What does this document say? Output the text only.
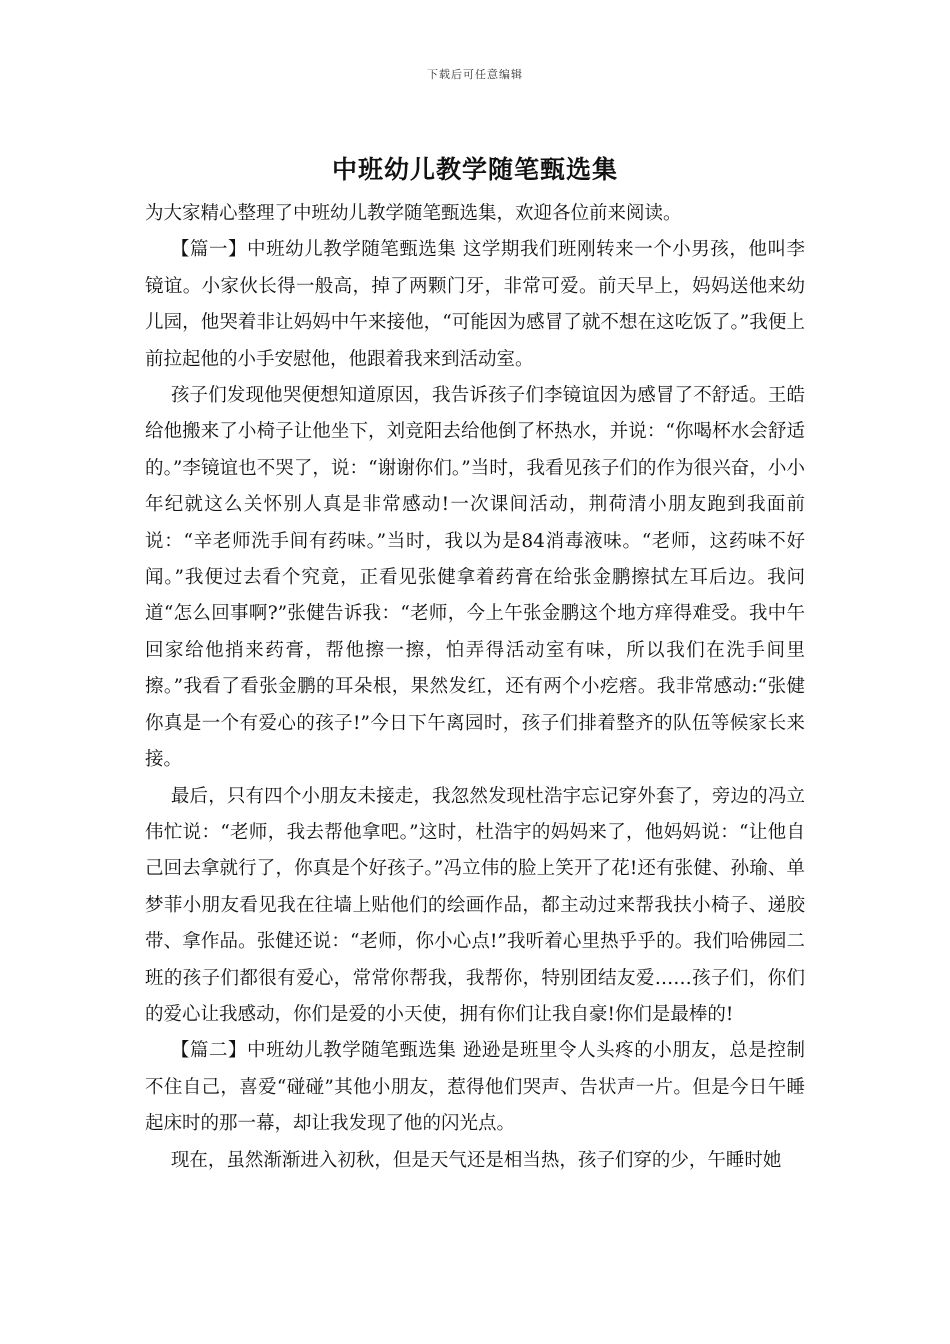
下载后可任意编辑
中班幼儿教学随笔甄选集

为大家精心整理了中班幼儿教学随笔甄选集，欢迎各位前来阅读。

【篇一】中班幼儿教学随笔甄选集 这学期我们班刚转来一个小男孩，他叫李镜谊。小家伙长得一般高，掉了两颗门牙，非常可爱。前天早上，妈妈送他来幼儿园，他哭着非让妈妈中午来接他，“可能因为感冒了就不想在这吃饭了。”我便上前拉起他的小手安慰他，他跟着我来到活动室。

孩子们发现他哭便想知道原因，我告诉孩子们李镜谊因为感冒了不舒适。王皓给他搬来了小椅子让他坐下，刘竞阳去给他倒了杯热水，并说：“你喝杯水会舒适的。”李镜谊也不哭了，说：“谢谢你们。”当时，我看见孩子们的作为很兴奋，小小年纪就这么关怀别人真是非常感动!一次课间活动，荆荷清小朋友跑到我面前说：“辛老师洗手间有药味。”当时，我以为是84消毒液味。“老师，这药味不好闻。”我便过去看个究竟，正看见张健拿着药膏在给张金鹏擦拭左耳后边。我问道“怎么回事啊?”张健告诉我：“老师，今上午张金鹏这个地方痒得难受。我中午回家给他捎来药膏，帮他擦一擦，怕弄得活动室有味，所以我们在洗手间里擦。”我看了看张金鹏的耳朵根，果然发红，还有两个小疙瘩。我非常感动:“张健你真是一个有爱心的孩子!”今日下午离园时，孩子们排着整齐的队伍等候家长来接。

最后，只有四个小朋友未接走，我忽然发现杜浩宇忘记穿外套了，旁边的冯立伟忙说：“老师，我去帮他拿吧。”这时，杜浩宇的妈妈来了，他妈妈说：“让他自己回去拿就行了，你真是个好孩子。”冯立伟的脸上笑开了花!还有张健、孙瑜、单梦菲小朋友看见我在往墙上贴他们的绘画作品，都主动过来帮我扶小椅子、递胶带、拿作品。张健还说：“老师，你小心点!”我听着心里热乎乎的。我们哈佛园二班的孩子们都很有爱心，常常你帮我，我帮你，特别团结友爱……孩子们，你们的爱心让我感动，你们是爱的小天使，拥有你们让我自豪!你们是最棒的!

【篇二】中班幼儿教学随笔甄选集 逊逊是班里令人头疼的小朋友，总是控制不住自己，喜爱“碰碰”其他小朋友，惹得他们哭声、告状声一片。但是今日午睡起床时的那一幕，却让我发现了他的闪光点。

现在，虽然渐渐进入初秋，但是天气还是相当热，孩子们穿的少，午睡时她
